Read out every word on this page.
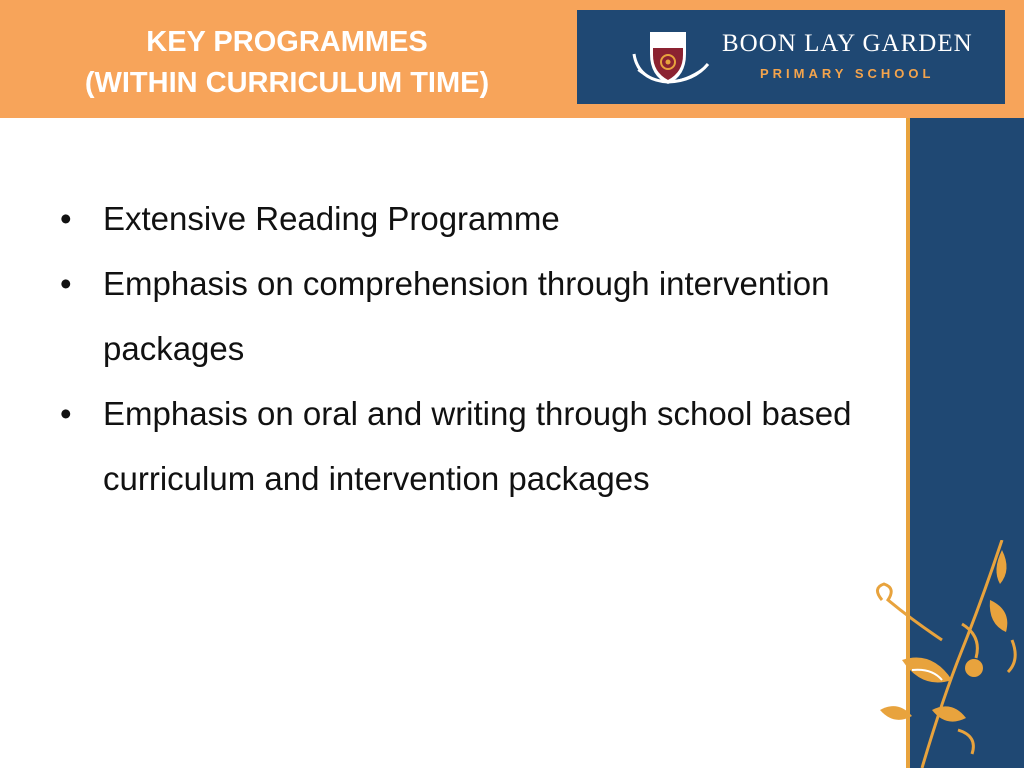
KEY PROGRAMMES
(WITHIN CURRICULUM TIME)
BOON LAY GARDEN
PRIMARY SCHOOL
• Extensive Reading Programme
• Emphasis on comprehension through intervention packages
• Emphasis on oral and writing through school based curriculum and intervention packages
